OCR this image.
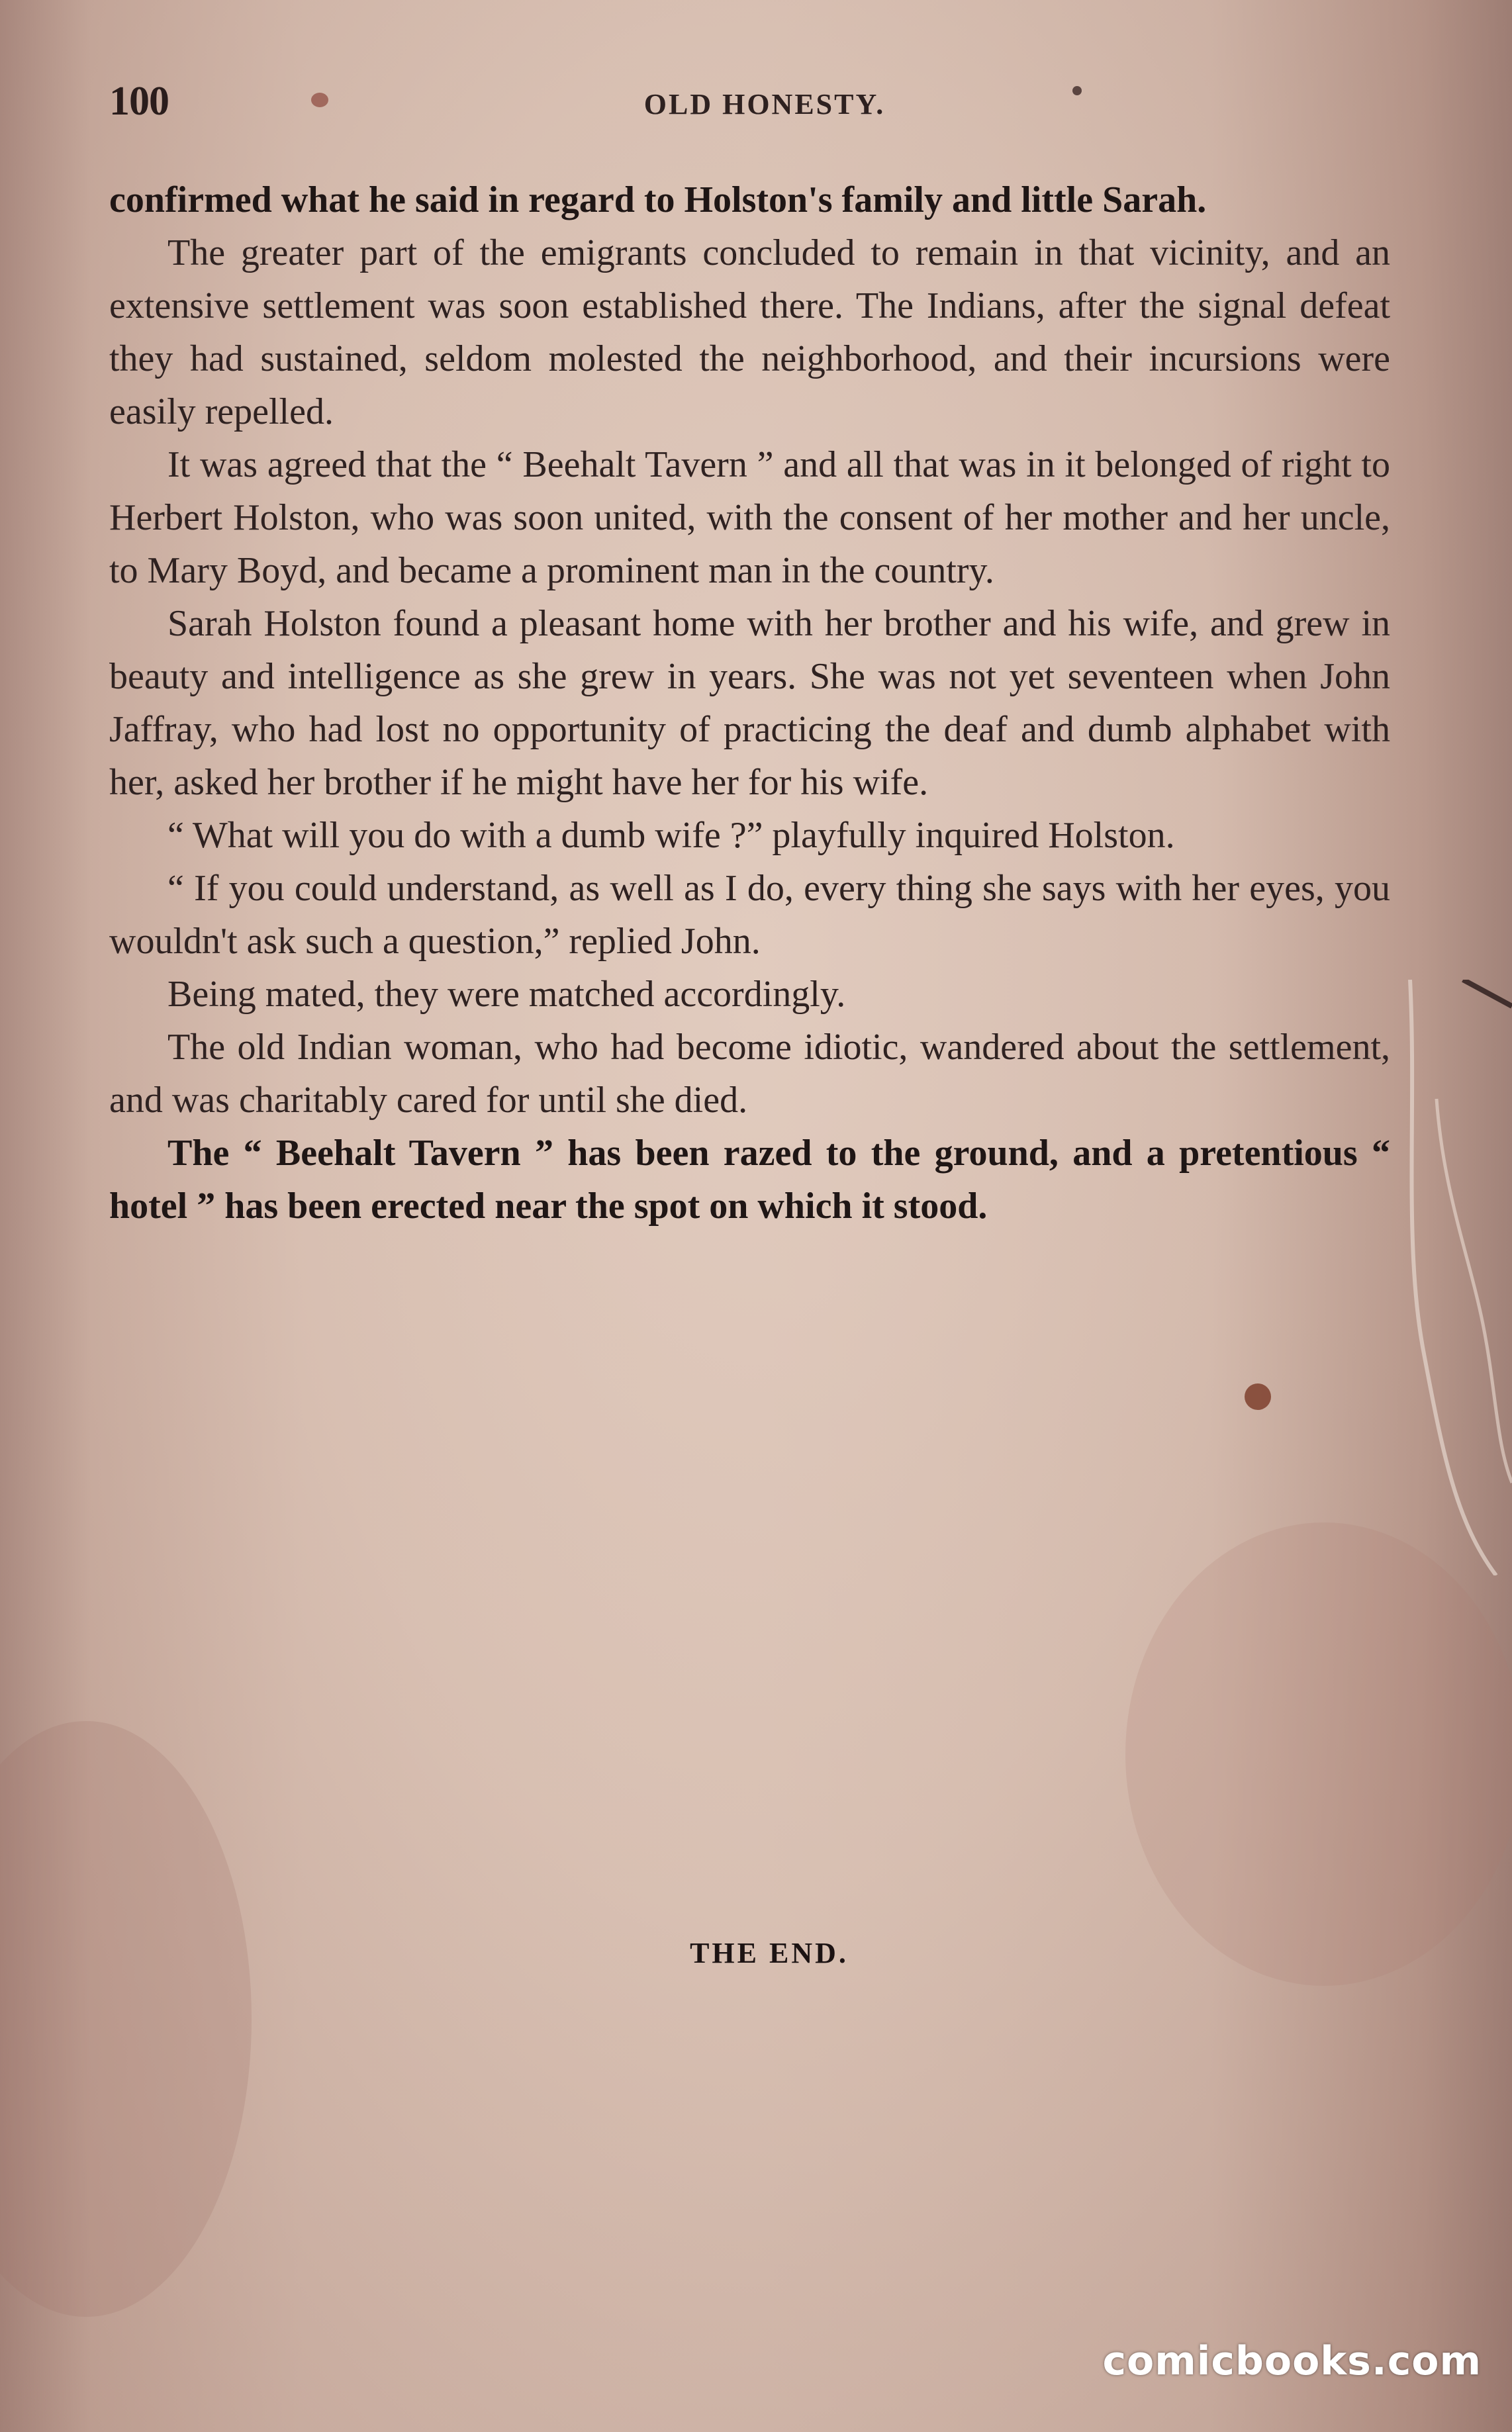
100	OLD HONESTY.

confirmed what he said in regard to Holston's family and little Sarah.

The greater part of the emigrants concluded to remain in that vicinity, and an extensive settlement was soon established there. The Indians, after the signal defeat they had sustained, seldom molested the neighborhood, and their incursions were easily repelled.

It was agreed that the “ Beehalt Tavern ” and all that was in it belonged of right to Herbert Holston, who was soon united, with the consent of her mother and her uncle, to Mary Boyd, and became a prominent man in the country.

Sarah Holston found a pleasant home with her brother and his wife, and grew in beauty and intelligence as she grew in years. She was not yet seventeen when John Jaffray, who had lost no opportunity of practicing the deaf and dumb alphabet with her, asked her brother if he might have her for his wife.

“ What will you do with a dumb wife ?” playfully inquired Holston.

“ If you could understand, as well as I do, every thing she says with her eyes, you wouldn't ask such a question,” replied John.

Being mated, they were matched accordingly.

The old Indian woman, who had become idiotic, wandered about the settlement, and was charitably cared for until she died.

The “ Beehalt Tavern ” has been razed to the ground, and a pretentious “ hotel ” has been erected near the spot on which it stood.

THE END.
comicbooks.com
